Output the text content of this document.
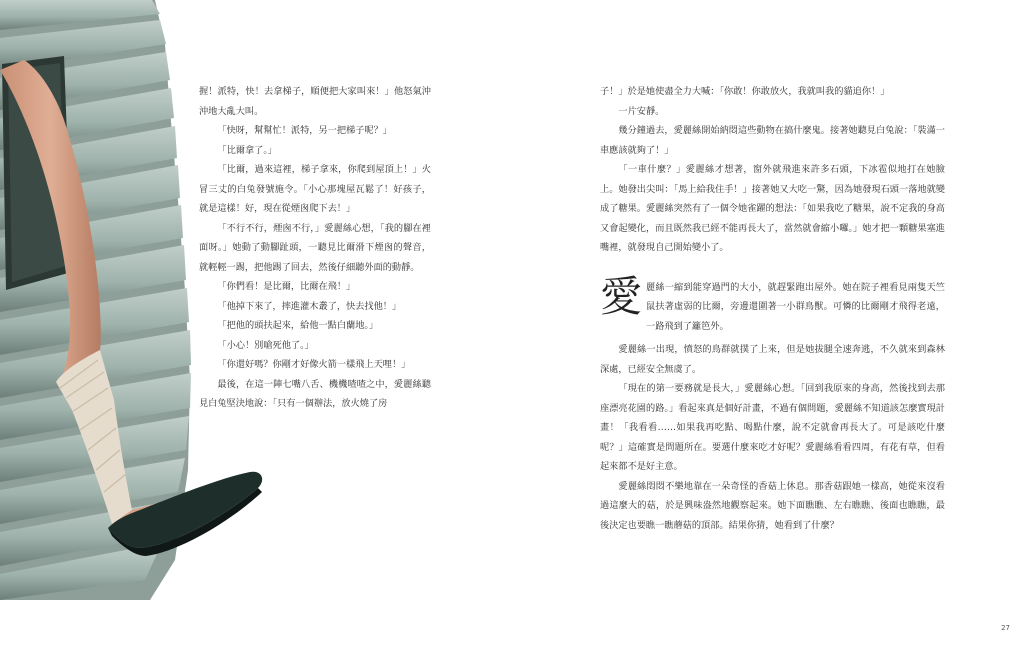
握！派特，快！去拿梯子，順便把大家叫來！」他怒氣沖沖地大亂大叫。

「快呀，幫幫忙！派特，另一把梯子呢？」

「比爾拿了。」

「比爾，過來這裡，梯子拿來，你爬到屋頂上！」火冒三丈的白兔發號施令。「小心那塊屋瓦鬆了！好孩子，就是這樣！好，現在從煙囪爬下去！」

「不行不行，煙囪不行，」愛麗絲心想，「我的腳在裡面呀。」她動了動腳趾頭，一聽見比爾滑下煙囪的聲音，就輕輕一踢，把他踢了回去，然後仔細聽外面的動靜。

「你們看！是比爾，比爾在飛！」

「他掉下來了，摔進灌木叢了，快去找他！」

「把他的頭扶起來，給他一點白蘭地。」

「小心！別嗆死他了。」

「你還好嗎？你剛才好像火箭一樣飛上天哩！」

最後，在這一陣七嘴八舌、機機喳喳之中，愛麗絲聽見白兔堅決地說：「只有一個辦法，放火燒了房

子！」於是她使盡全力大喊：「你敢！你敢放火，我就叫我的貓追你！」

一片安靜。

幾分鐘過去，愛麗絲開始納悶這些動物在搞什麼鬼。接著她聽見白兔說：「裝滿一車應該就夠了！」

「一車什麼？」愛麗絲才想著，窗外就飛進來許多石頭，下冰雹似地打在她臉上。她發出尖叫：「馬上給我住手！」接著她又大吃一驚，因為她發現石頭一落地就變成了糖果。愛麗絲突然有了一個令她雀躍的想法：「如果我吃了糖果，說不定我的身高又會起變化，而且既然我已經不能再長大了，當然就會縮小囉。」她才把一顆糖果塞進嘴裡，就發現自己開始變小了。

愛 麗絲一縮到能穿過門的大小，就趕緊跑出屋外。她在院子裡看見兩隻天竺鼠扶著虛弱的比爾，旁邊還圍著一小群鳥獸。可憐的比爾剛才飛得老遠，一路飛到了籬笆外。

愛麗絲一出現，憤怒的鳥群就撲了上來，但是她拔腿全速奔逃，不久就來到森林深處，已經安全無虞了。

「現在的第一要務就是長大，」愛麗絲心想。「回到我原來的身高，然後找到去那座漂亮花園的路。」看起來真是個好計畫，不過有個問題，愛麗絲不知道該怎麼實現計畫！「我看看……如果我再吃點、喝點什麼，說不定就會再長大了。可是該吃什麼呢？」這確實是問題所在。要選什麼來吃才好呢？愛麗絲看看四周，有花有草，但看起來都不是好主意。

愛麗絲悶悶不樂地靠在一朵奇怪的香菇上休息。那香菇跟她一樣高，她從來沒看過這麼大的菇，於是興味盎然地觀察起來。她下面瞧瞧、左右瞧瞧、後面也瞧瞧，最後決定也要瞧一瞧蘑菇的頂部。結果你猜，她看到了什麼？

27
